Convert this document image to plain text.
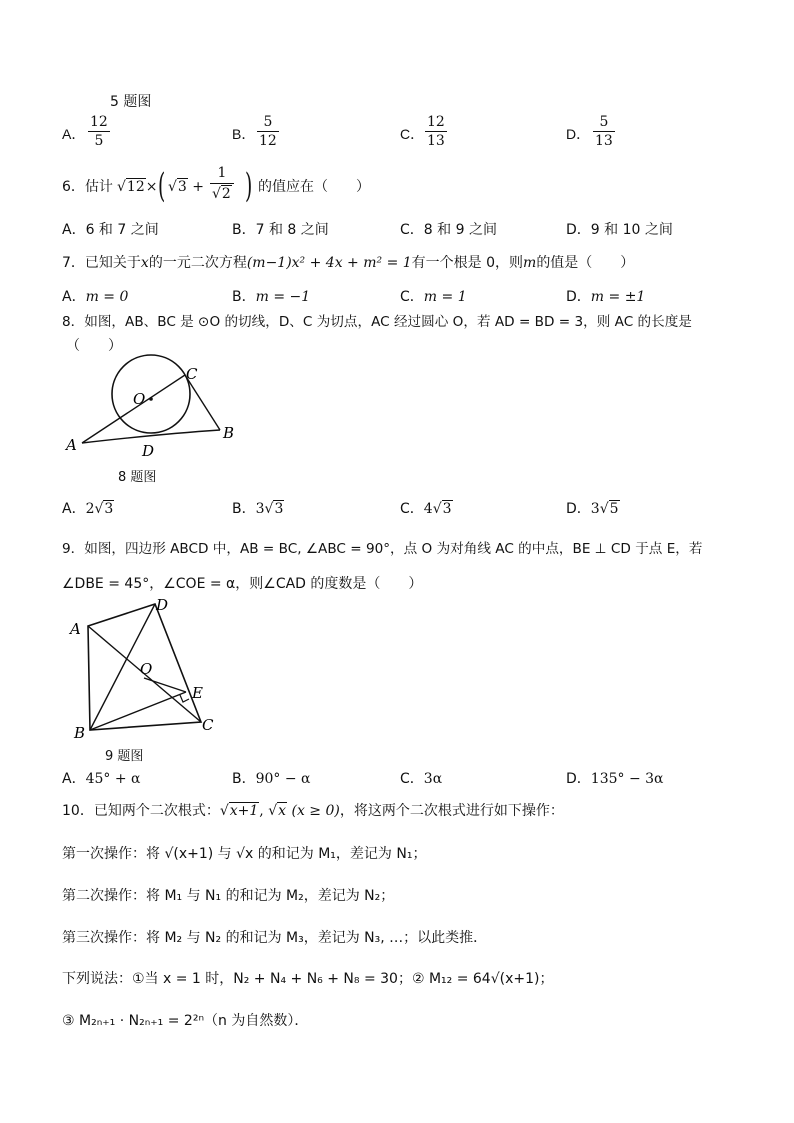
5 题图
A．
12
5	B．
5
12	C．
12
13	D．
5
13
6．估计 √12× ( √3 +
1
√2 ) 的值应在（　　）
A．6 和 7 之间	B．7 和 8 之间	C．8 和 9 之间	D．9 和 10 之间
7．已知关于x的一元二次方程(m−1)x² + 4x + m² = 1有一个根是 0，则m的值是（　　）
A．m = 0	B．m = −1	C．m = 1	D．m = ±1
8．如图，AB、BC 是 ⊙O 的切线，D、C 为切点，AC 经过圆心 O，若 AD = BD = 3，则 AC 的长度是
（　　）
O
C
A
B
D
8 题图
A．2√3	B．3√3	C．4√3	D．3√5
9．如图，四边形 ABCD 中，AB = BC, ∠ABC = 90°，点 O 为对角线 AC 的中点，BE ⊥ CD 于点 E，若
∠DBE = 45°，∠COE = α，则∠CAD 的度数是（　　）
A
D
O
E
B	C
9 题图
A．45° + α	B．90° − α	C．3α	D．135° − 3α
10．已知两个二次根式：√x+1, √x (x ≥ 0)，将这两个二次根式进行如下操作：
第一次操作：将 √(x+1) 与 √x 的和记为 M₁，差记为 N₁；
第二次操作：将 M₁ 与 N₁ 的和记为 M₂，差记为 N₂；
第三次操作：将 M₂ 与 N₂ 的和记为 M₃，差记为 N₃, …；以此类推．
下列说法：①当 x = 1 时，N₂ + N₄ + N₆ + N₈ = 30；② M₁₂ = 64√(x+1)；
③ M₂ₙ₊₁ · N₂ₙ₊₁ = 2²ⁿ（n 为自然数）．
